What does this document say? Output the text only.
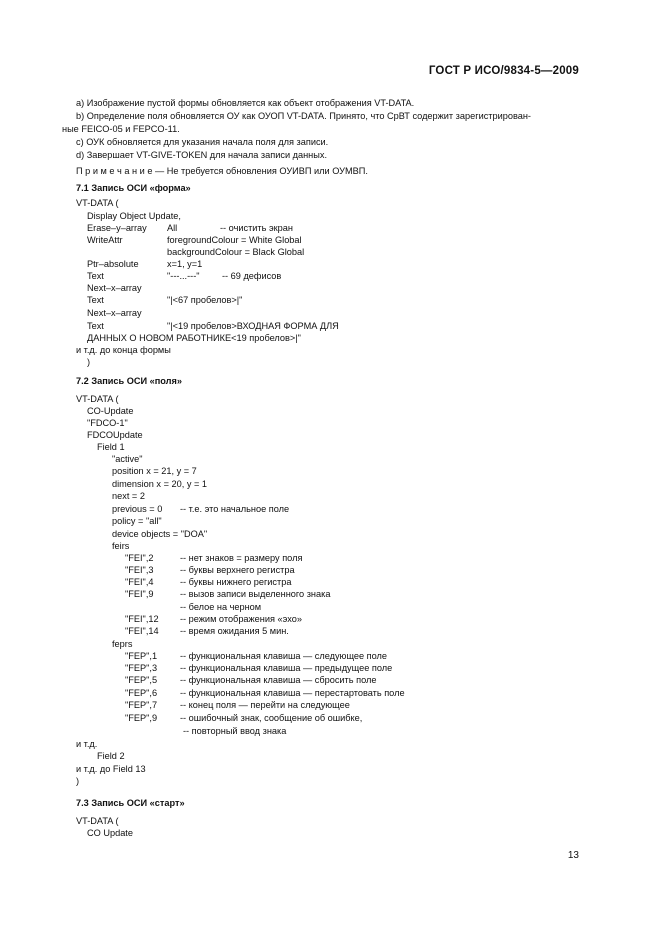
ГОСТ Р ИСО/9834-5—2009
a) Изображение пустой формы обновляется как объект отображения VT-DATA.
b) Определение поля обновляется ОУ как ОУОП VT-DATA. Принято, что СрВТ содержит зарегистрирован-
ные FEICO-05 и FEPCO-11.
c) ОУК обновляется для указания начала поля для записи.
d) Завершает VT-GIVE-TOKEN для начала записи данных.
П р и м е ч а н и е — Не требуется обновления ОУИВП или ОУМВП.
7.1 Запись ОСИ «форма»
VT-DATA (
Display Object Update,
Erase–y–array All	-- очистить экран
WriteAttr	foregroundColour = White Global
backgroundColour = Black Global
Ptr–absolute	x=1, y=1
Text	"---...---" -- 69 дефисов
Next–x–array
Text	"|<67 пробелов>|"
Next–x–array
Text	"|<19 пробелов>ВХОДНАЯ ФОРМА ДЛЯ
ДАННЫХ О НОВОМ РАБОТНИКЕ<19 пробелов>|"
и т.д. до конца формы
)
7.2 Запись ОСИ «поля»
VT-DATA (
CO-Update
"FDCO-1"
FDCOUpdate
Field 1
"active"
position x = 21, y = 7
dimension x = 20, y = 1
next = 2
previous = 0 -- т.е. это начальное поле
policy = "all"
device objects = "DOA"
feirs
"FEI",2	-- нет знаков = размеру поля
"FEI",3	-- буквы верхнего регистра
"FEI",4	-- буквы нижнего регистра
"FEI",9	-- вызов записи выделенного знака
-- белое на черном
"FEI",12 -- режим отображения «эхо»
"FEI",14 -- время ожидания 5 мин.
feprs
"FEP",1 -- функциональная клавиша — следующее поле
"FEP",3 -- функциональная клавиша — предыдущее поле
"FEP",5 -- функциональная клавиша — сбросить поле
"FEP",6 -- функциональная клавиша — перестартовать поле
"FEP",7 -- конец поля — перейти на следующее
"FEP",9 -- ошибочный знак, сообщение об ошибке,
-- повторный ввод знака
и т.д.
Field 2
и т.д. до Field 13
)
7.3 Запись ОСИ «старт»
VT-DATA (
CO Update
13
